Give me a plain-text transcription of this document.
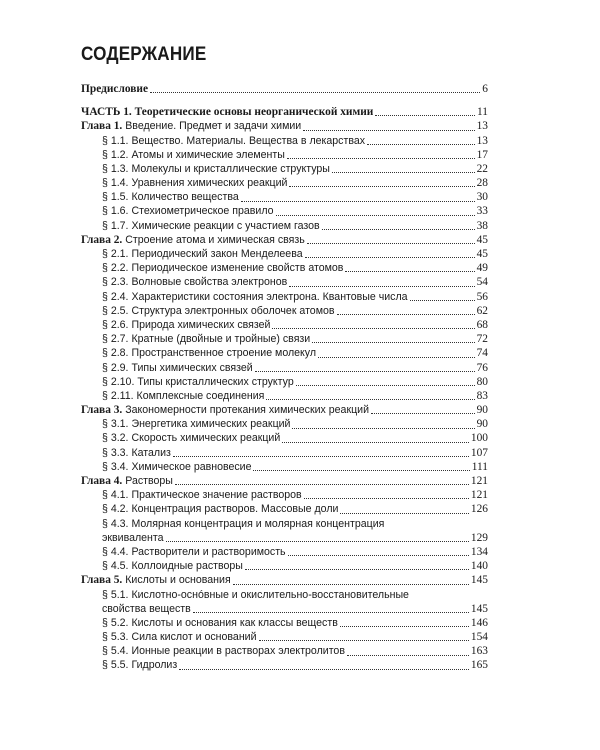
СОДЕРЖАНИЕ
Предисловие	6
ЧАСТЬ 1. Теоретические основы неорганической химии	11
Глава 1. Введение. Предмет и задачи химии	13
§ 1.1. Вещество. Материалы. Вещества в лекарствах	13
§ 1.2. Атомы и химические элементы	17
§ 1.3. Молекулы и кристаллические структуры	22
§ 1.4. Уравнения химических реакций	28
§ 1.5. Количество вещества	30
§ 1.6. Стехиометрическое правило	33
§ 1.7. Химические реакции с участием газов	38
Глава 2. Строение атома и химическая связь	45
§ 2.1. Периодический закон Менделеева	45
§ 2.2. Периодическое изменение свойств атомов	49
§ 2.3. Волновые свойства электронов	54
§ 2.4. Характеристики состояния электрона. Квантовые числа	56
§ 2.5. Структура электронных оболочек атомов	62
§ 2.6. Природа химических связей	68
§ 2.7. Кратные (двойные и тройные) связи	72
§ 2.8. Пространственное строение молекул	74
§ 2.9. Типы химических связей	76
§ 2.10. Типы кристаллических структур	80
§ 2.11. Комплексные соединения	83
Глава 3. Закономерности протекания химических реакций	90
§ 3.1. Энергетика химических реакций	90
§ 3.2. Скорость химических реакций	100
§ 3.3. Катализ	107
§ 3.4. Химическое равновесие	111
Глава 4. Растворы	121
§ 4.1. Практическое значение растворов	121
§ 4.2. Концентрация растворов. Массовые доли	126
§ 4.3. Молярная концентрация и молярная концентрация
эквивалента	129
§ 4.4. Растворители и растворимость	134
§ 4.5. Коллоидные растворы	140
Глава 5. Кислоты и основания	145
§ 5.1. Кислотно-оснóвные и окислительно-восстановительные
свойства веществ	145
§ 5.2. Кислоты и основания как классы веществ	146
§ 5.3. Сила кислот и оснований	154
§ 5.4. Ионные реакции в растворах электролитов	163
§ 5.5. Гидролиз	165
